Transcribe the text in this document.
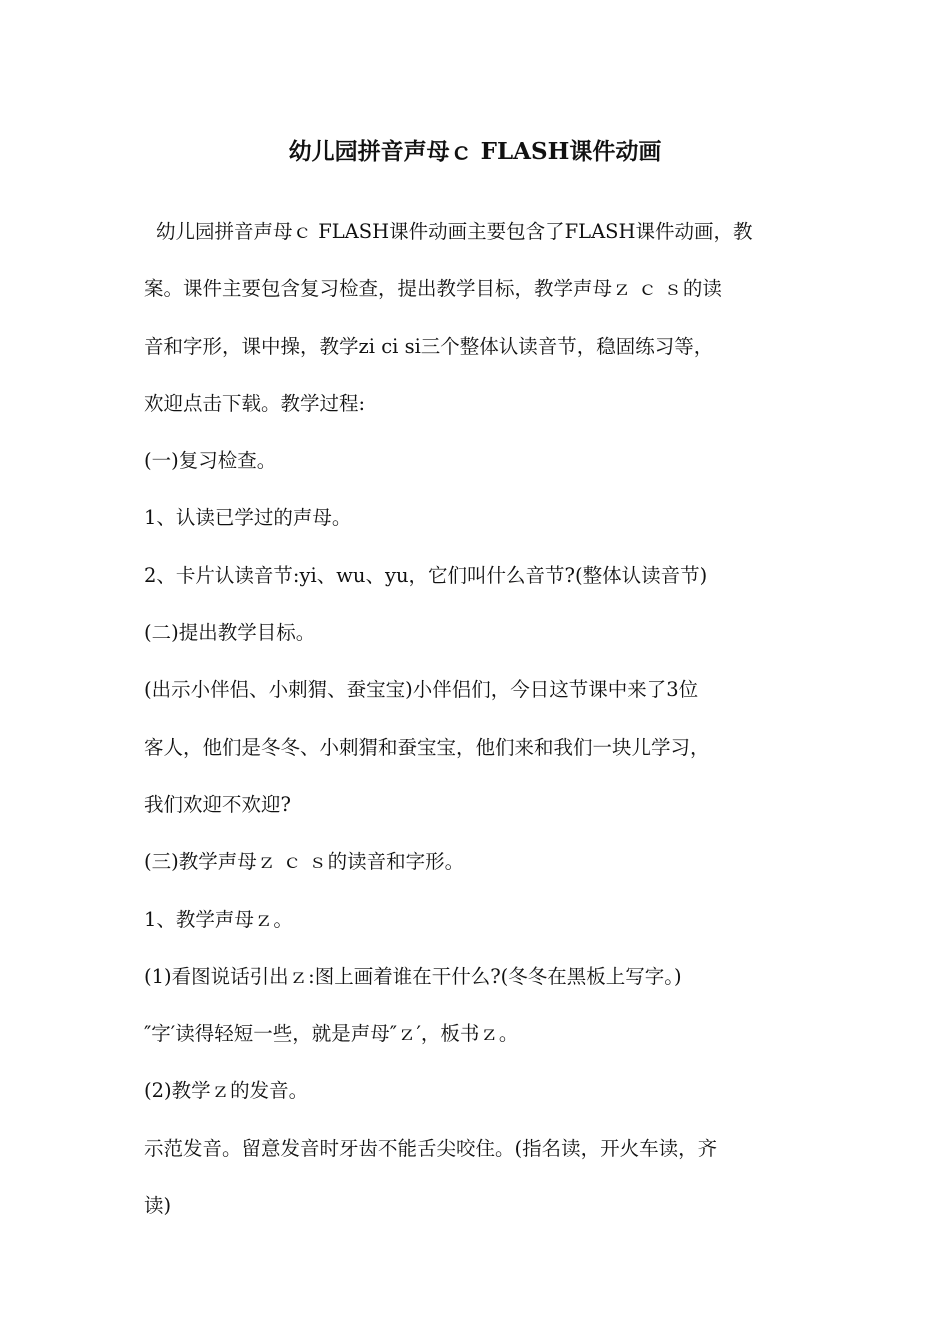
幼儿园拼音声母ｃ FLASH课件动画

幼儿园拼音声母ｃ FLASH课件动画主要包含了FLASH课件动画，教

案。课件主要包含复习检查，提出教学目标，教学声母ｚ ｃ ｓ的读

音和字形，课中操，教学zi ci si三个整体认读音节，稳固练习等，

欢迎点击下载。教学过程:

(一)复习检查。

1、认读已学过的声母。

2、卡片认读音节:yi、wu、yu，它们叫什么音节?(整体认读音节)

(二)提出教学目标。

(出示小伴侣、小刺猬、蚕宝宝)小伴侣们，今日这节课中来了3位

客人，他们是冬冬、小刺猬和蚕宝宝，他们来和我们一块儿学习，

我们欢迎不欢迎?

(三)教学声母ｚ ｃ ｓ的读音和字形。

1、教学声母ｚ。

(1)看图说话引出ｚ:图上画着谁在干什么?(冬冬在黑板上写字。)

″字′读得轻短一些，就是声母″ｚ′，板书ｚ。

(2)教学ｚ的发音。

示范发音。留意发音时牙齿不能舌尖咬住。(指名读，开火车读，齐

读)
